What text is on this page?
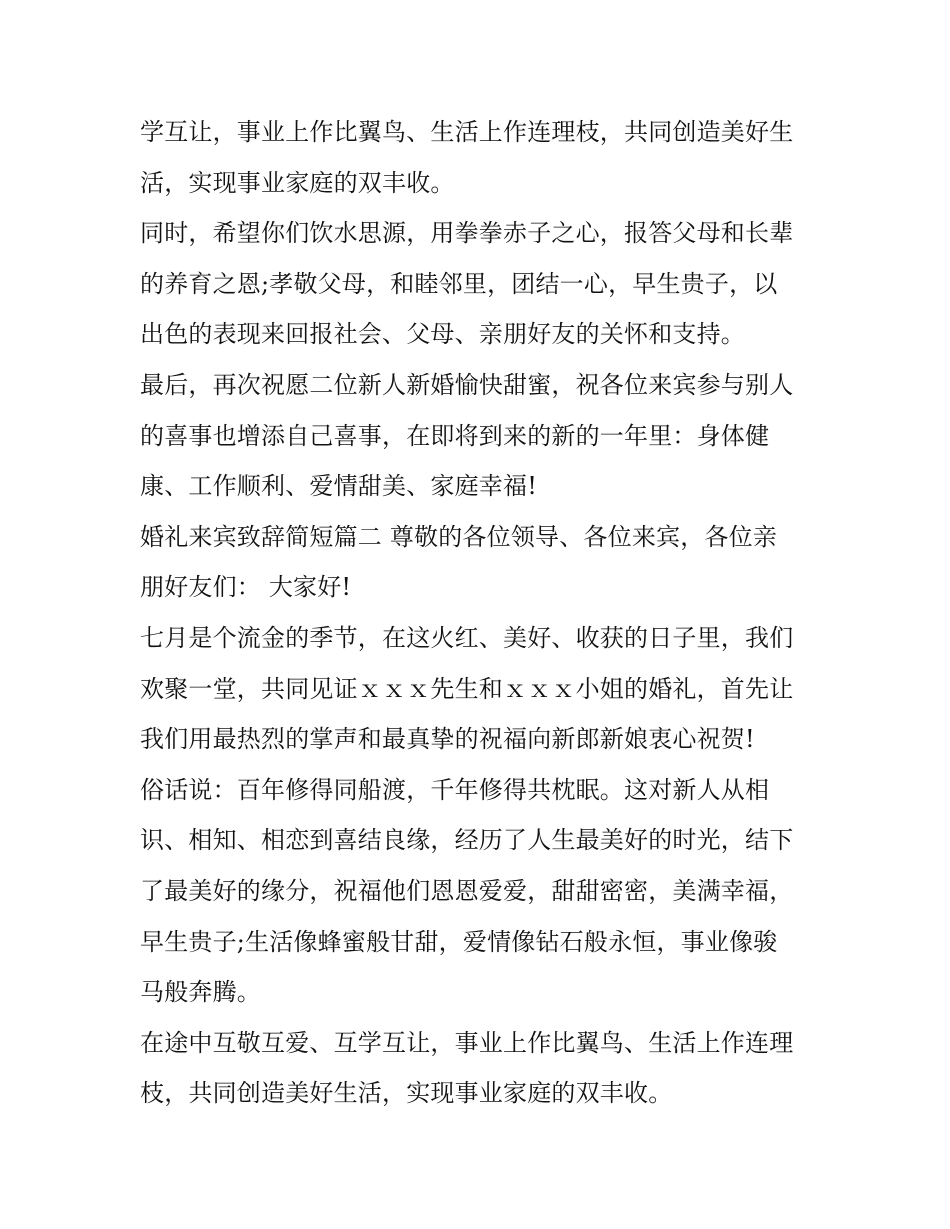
学互让，事业上作比翼鸟、生活上作连理枝，共同创造美好生
活，实现事业家庭的双丰收。
同时，希望你们饮水思源，用拳拳赤子之心，报答父母和长辈
的养育之恩;孝敬父母，和睦邻里，团结一心，早生贵子，以
出色的表现来回报社会、父母、亲朋好友的关怀和支持。
最后，再次祝愿二位新人新婚愉快甜蜜，祝各位来宾参与别人
的喜事也增添自己喜事，在即将到来的新的一年里：身体健
康、工作顺利、爱情甜美、家庭幸福!
婚礼来宾致辞简短篇二 尊敬的各位领导、各位来宾，各位亲
朋好友们： 大家好!
七月是个流金的季节，在这火红、美好、收获的日子里，我们
欢聚一堂，共同见证ｘｘｘ先生和ｘｘｘ小姐的婚礼，首先让
我们用最热烈的掌声和最真挚的祝福向新郎新娘衷心祝贺!
俗话说：百年修得同船渡，千年修得共枕眠。这对新人从相
识、相知、相恋到喜结良缘，经历了人生最美好的时光，结下
了最美好的缘分，祝福他们恩恩爱爱，甜甜密密，美满幸福，
早生贵子;生活像蜂蜜般甘甜，爱情像钻石般永恒，事业像骏
马般奔腾。
在途中互敬互爱、互学互让，事业上作比翼鸟、生活上作连理
枝，共同创造美好生活，实现事业家庭的双丰收。
